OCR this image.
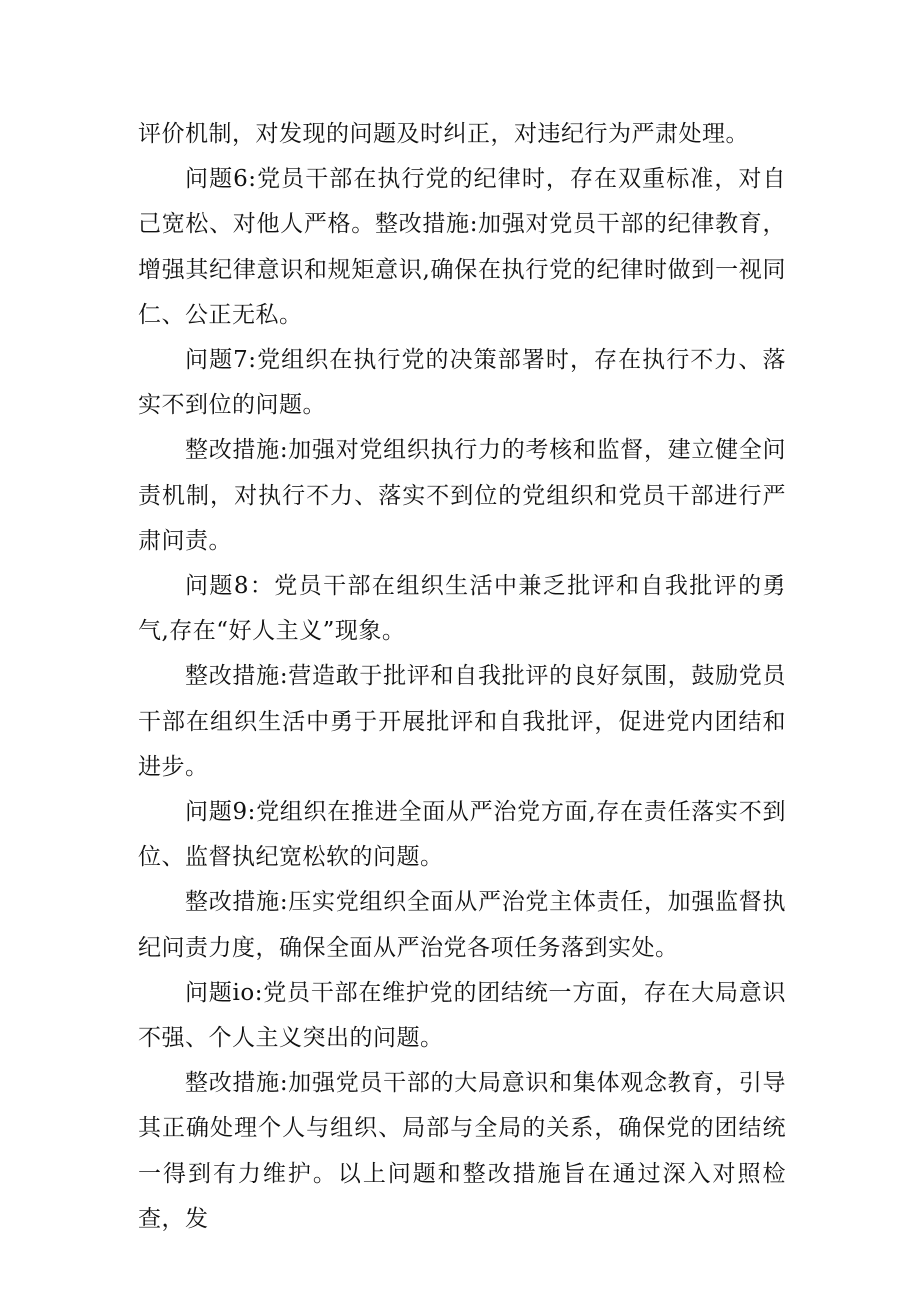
评价机制，对发现的问题及时纠正，对违纪行为严肃处理。

问题6:党员干部在执行党的纪律时，存在双重标准，对自己宽松、对他人严格。整改措施:加强对党员干部的纪律教育，增强其纪律意识和规矩意识,确保在执行党的纪律时做到一视同仁、公正无私。

问题7:党组织在执行党的决策部署时，存在执行不力、落实不到位的问题。

整改措施:加强对党组织执行力的考核和监督，建立健全问责机制，对执行不力、落实不到位的党组织和党员干部进行严肃问责。

问题8：党员干部在组织生活中兼乏批评和自我批评的勇气,存在“好人主义”现象。

整改措施:营造敢于批评和自我批评的良好氛围，鼓励党员干部在组织生活中勇于开展批评和自我批评，促进党内团结和进步。

问题9:党组织在推进全面从严治党方面,存在责任落实不到位、监督执纪宽松软的问题。

整改措施:压实党组织全面从严治党主体责任，加强监督执纪问责力度，确保全面从严治党各项任务落到实处。

问题io:党员干部在维护党的团结统一方面，存在大局意识不强、个人主义突出的问题。

整改措施:加强党员干部的大局意识和集体观念教育，引导其正确处理个人与组织、局部与全局的关系，确保党的团结统一得到有力维护。以上问题和整改措施旨在通过深入对照检查，发
